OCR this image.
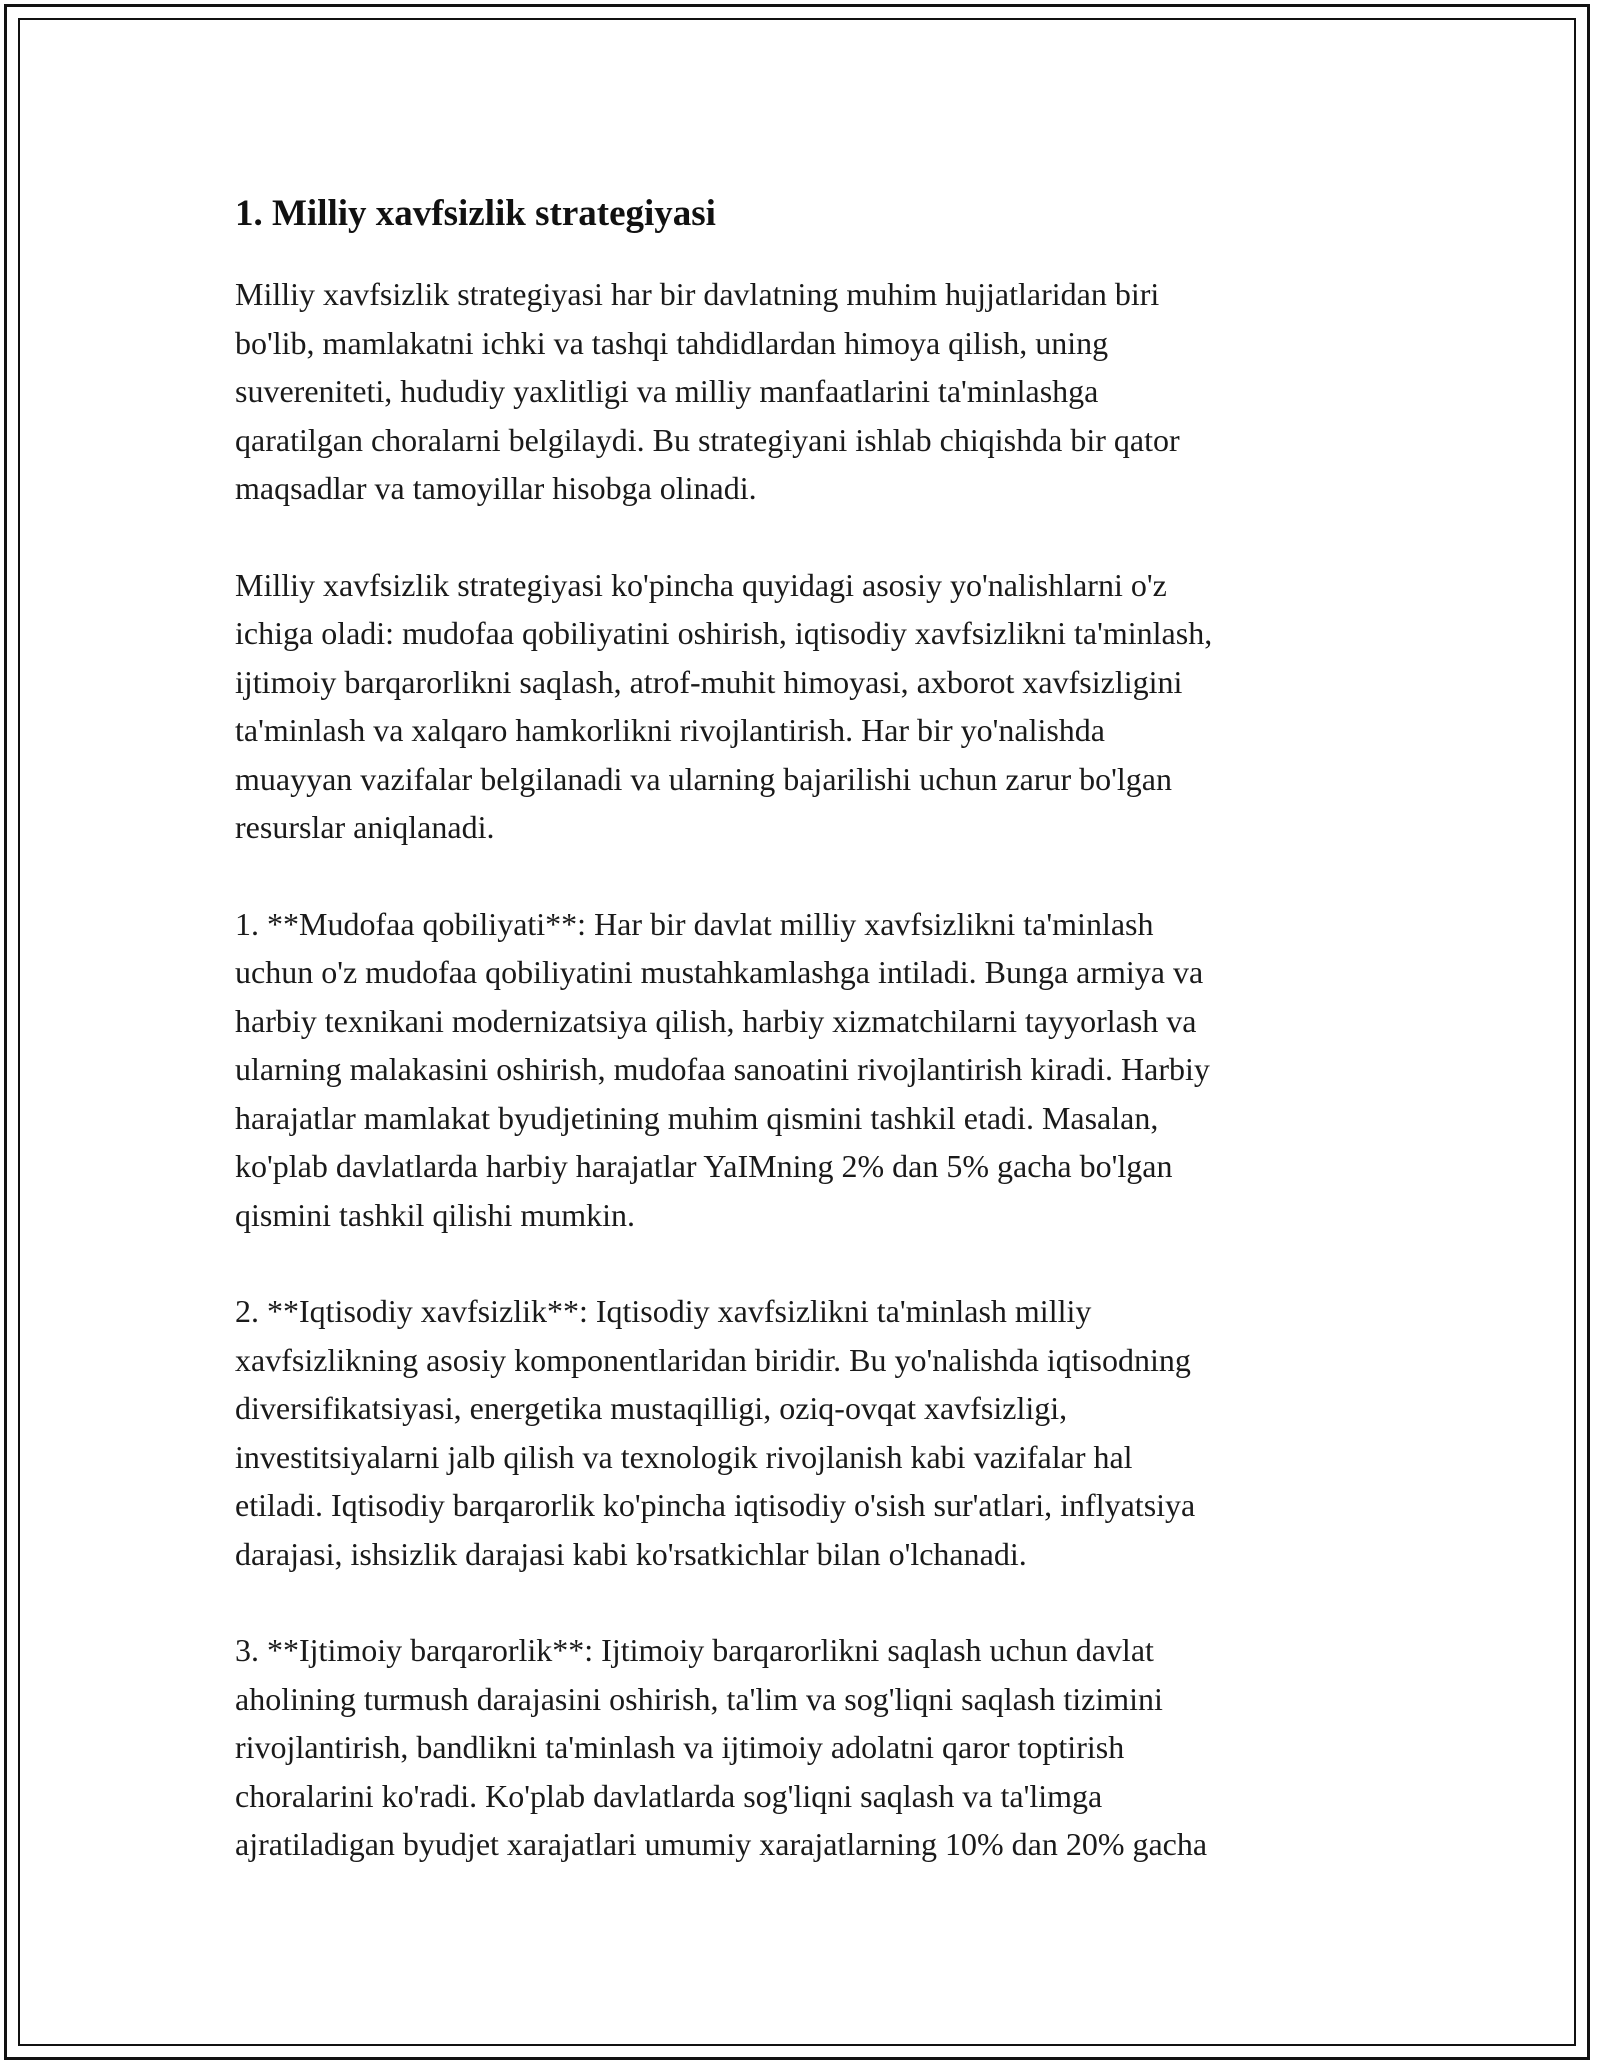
1. Milliy xavfsizlik strategiyasi

Milliy xavfsizlik strategiyasi har bir davlatning muhim hujjatlaridan biri
bo'lib, mamlakatni ichki va tashqi tahdidlardan himoya qilish, uning
suvereniteti, hududiy yaxlitligi va milliy manfaatlarini ta'minlashga
qaratilgan choralarni belgilaydi. Bu strategiyani ishlab chiqishda bir qator
maqsadlar va tamoyillar hisobga olinadi.

Milliy xavfsizlik strategiyasi ko'pincha quyidagi asosiy yo'nalishlarni o'z
ichiga oladi: mudofaa qobiliyatini oshirish, iqtisodiy xavfsizlikni ta'minlash,
ijtimoiy barqarorlikni saqlash, atrof-muhit himoyasi, axborot xavfsizligini
ta'minlash va xalqaro hamkorlikni rivojlantirish. Har bir yo'nalishda
muayyan vazifalar belgilanadi va ularning bajarilishi uchun zarur bo'lgan
resurslar aniqlanadi.

1. **Mudofaa qobiliyati**: Har bir davlat milliy xavfsizlikni ta'minlash
uchun o'z mudofaa qobiliyatini mustahkamlashga intiladi. Bunga armiya va
harbiy texnikani modernizatsiya qilish, harbiy xizmatchilarni tayyorlash va
ularning malakasini oshirish, mudofaa sanoatini rivojlantirish kiradi. Harbiy
harajatlar mamlakat byudjetining muhim qismini tashkil etadi. Masalan,
ko'plab davlatlarda harbiy harajatlar YaIMning 2% dan 5% gacha bo'lgan
qismini tashkil qilishi mumkin.

2. **Iqtisodiy xavfsizlik**: Iqtisodiy xavfsizlikni ta'minlash milliy
xavfsizlikning asosiy komponentlaridan biridir. Bu yo'nalishda iqtisodning
diversifikatsiyasi, energetika mustaqilligi, oziq-ovqat xavfsizligi,
investitsiyalarni jalb qilish va texnologik rivojlanish kabi vazifalar hal
etiladi. Iqtisodiy barqarorlik ko'pincha iqtisodiy o'sish sur'atlari, inflyatsiya
darajasi, ishsizlik darajasi kabi ko'rsatkichlar bilan o'lchanadi.

3. **Ijtimoiy barqarorlik**: Ijtimoiy barqarorlikni saqlash uchun davlat
aholining turmush darajasini oshirish, ta'lim va sog'liqni saqlash tizimini
rivojlantirish, bandlikni ta'minlash va ijtimoiy adolatni qaror toptirish
choralarini ko'radi. Ko'plab davlatlarda sog'liqni saqlash va ta'limga
ajratiladigan byudjet xarajatlari umumiy xarajatlarning 10% dan 20% gacha
